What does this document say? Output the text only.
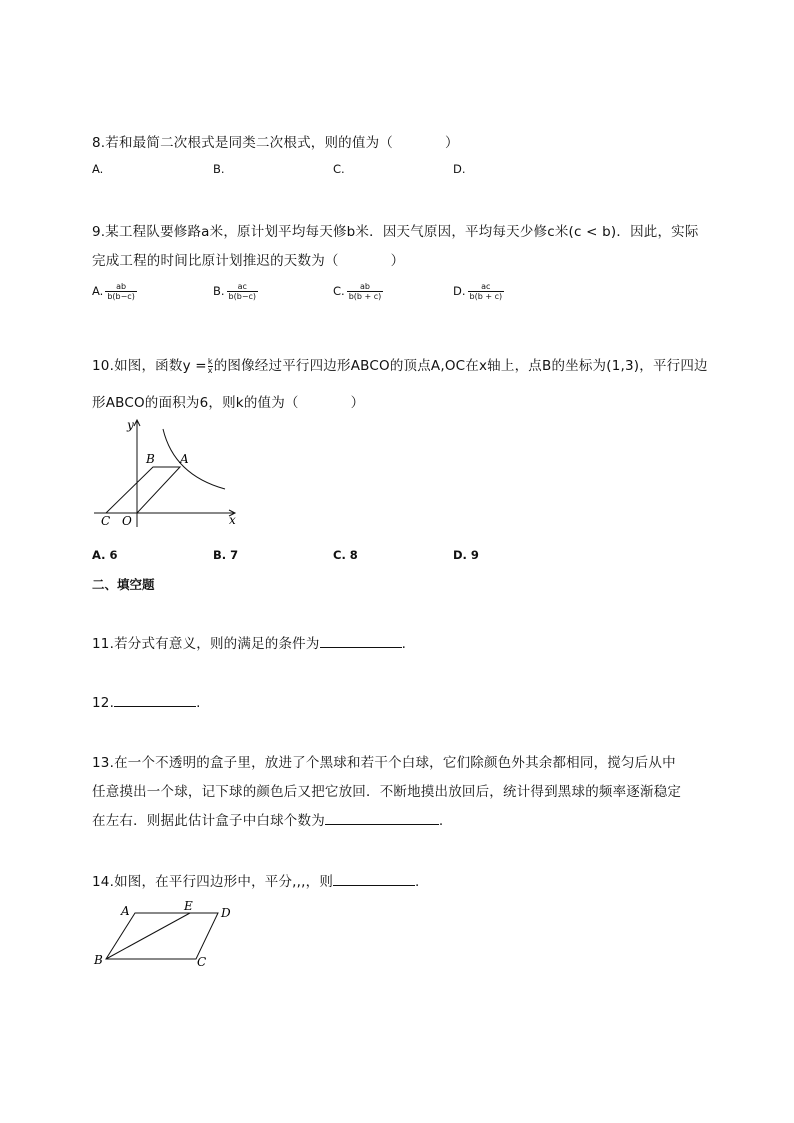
8.若和最简二次根式是同类二次根式，则的值为（	）
A.	B.	C.	D.
9.某工程队要修路a米，原计划平均每天修b米．因天气原因，平均每天少修c米(c < b)．因此，实际
完成工程的时间比原计划推迟的天数为（	）
A. $\frac{ab}{b(b-c)}$	B. $\frac{ac}{b(b-c)}$	C. $\frac{ab}{b(b + c)}$	D. $\frac{ac}{b(b + c)}$
10.如图，函数$y = \frac{k}{x}$ 的图像经过平行四边形ABCO的顶点A,OC在x轴上，点B的坐标为(1,3)，平行四边
形ABCO的面积为6，则k的值为（	）
y
x
B A
C O
A. 6	B. 7	C. 8	D. 9
二、填空题
11.若分式有意义，则的满足的条件为	.
12.	.
13.在一个不透明的盒子里，放进了个黑球和若干个白球，它们除颜色外其余都相同，搅匀后从中
任意摸出一个球，记下球的颜色后又把它放回．不断地摸出放回后，统计得到黑球的频率逐渐稳定
在左右．则据此估计盒子中白球个数为	.
14.如图，在平行四边形中，平分,,,，则	.
A	E D
B	C
